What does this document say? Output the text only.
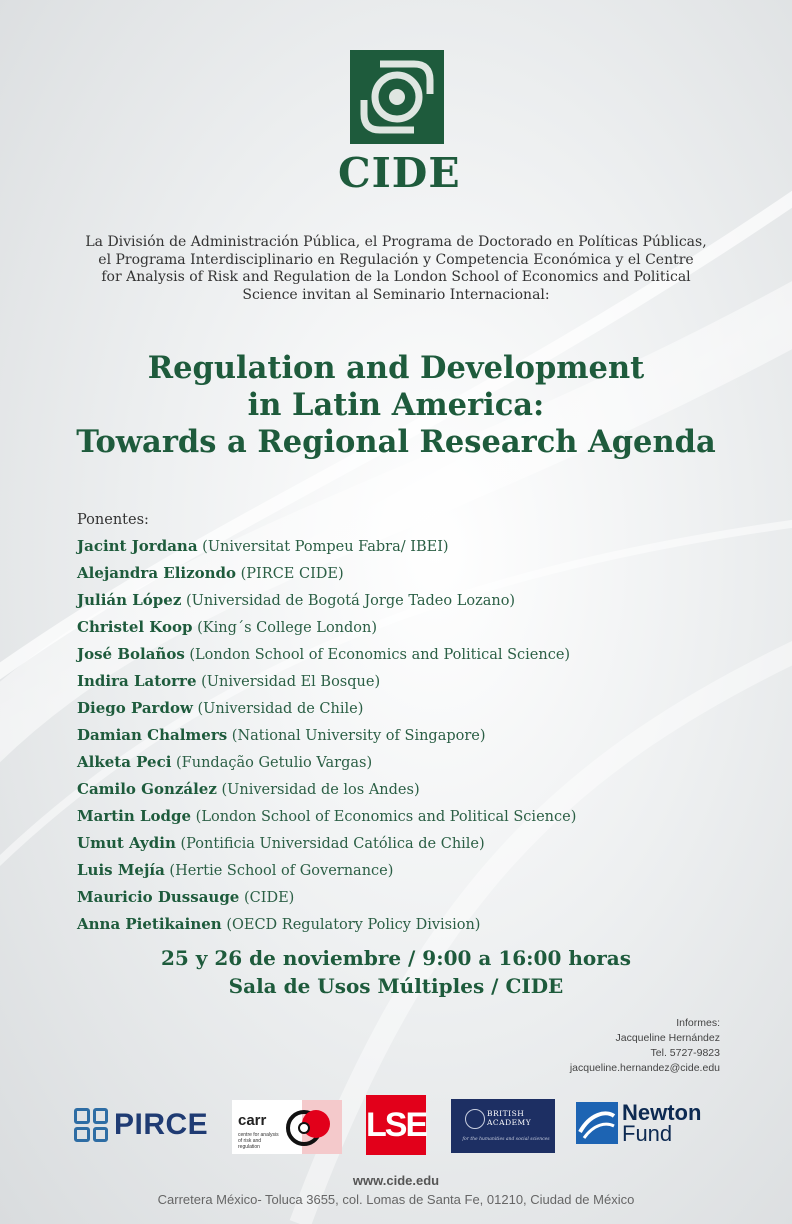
CIDE
La División de Administración Pública, el Programa de Doctorado en Políticas Públicas,
el Programa Interdisciplinario en Regulación y Competencia Económica y el Centre
for Analysis of Risk and Regulation de la London School of Economics and Political
Science invitan al Seminario Internacional:
Regulation and Development
in Latin America:
Towards a Regional Research Agenda
Ponentes:
Jacint Jordana (Universitat Pompeu Fabra/ IBEI)
Alejandra Elizondo (PIRCE CIDE)
Julián López (Universidad de Bogotá Jorge Tadeo Lozano)
Christel Koop (King´s College London)
José Bolaños (London School of Economics and Political Science)
Indira Latorre (Universidad El Bosque)
Diego Pardow (Universidad de Chile)
Damian Chalmers (National University of Singapore)
Alketa Peci (Fundação Getulio Vargas)
Camilo González (Universidad de los Andes)
Martin Lodge (London School of Economics and Political Science)
Umut Aydin (Pontificia Universidad Católica de Chile)
Luis Mejía (Hertie School of Governance)
Mauricio Dussauge (CIDE)
Anna Pietikainen (OECD Regulatory Policy Division)
25 y 26 de noviembre / 9:00 a 16:00 horas
Sala de Usos Múltiples / CIDE
Informes:
Jacqueline Hernández
Tel. 5727-9823
jacqueline.hernandez@cide.edu
PIRCE carr
centre for analysis of risk and regulation
LSE	BRITISH ACADEMY
for the humanities and social sciences
Newton
Fund
www.cide.edu
Carretera México- Toluca 3655, col. Lomas de Santa Fe, 01210, Ciudad de México
